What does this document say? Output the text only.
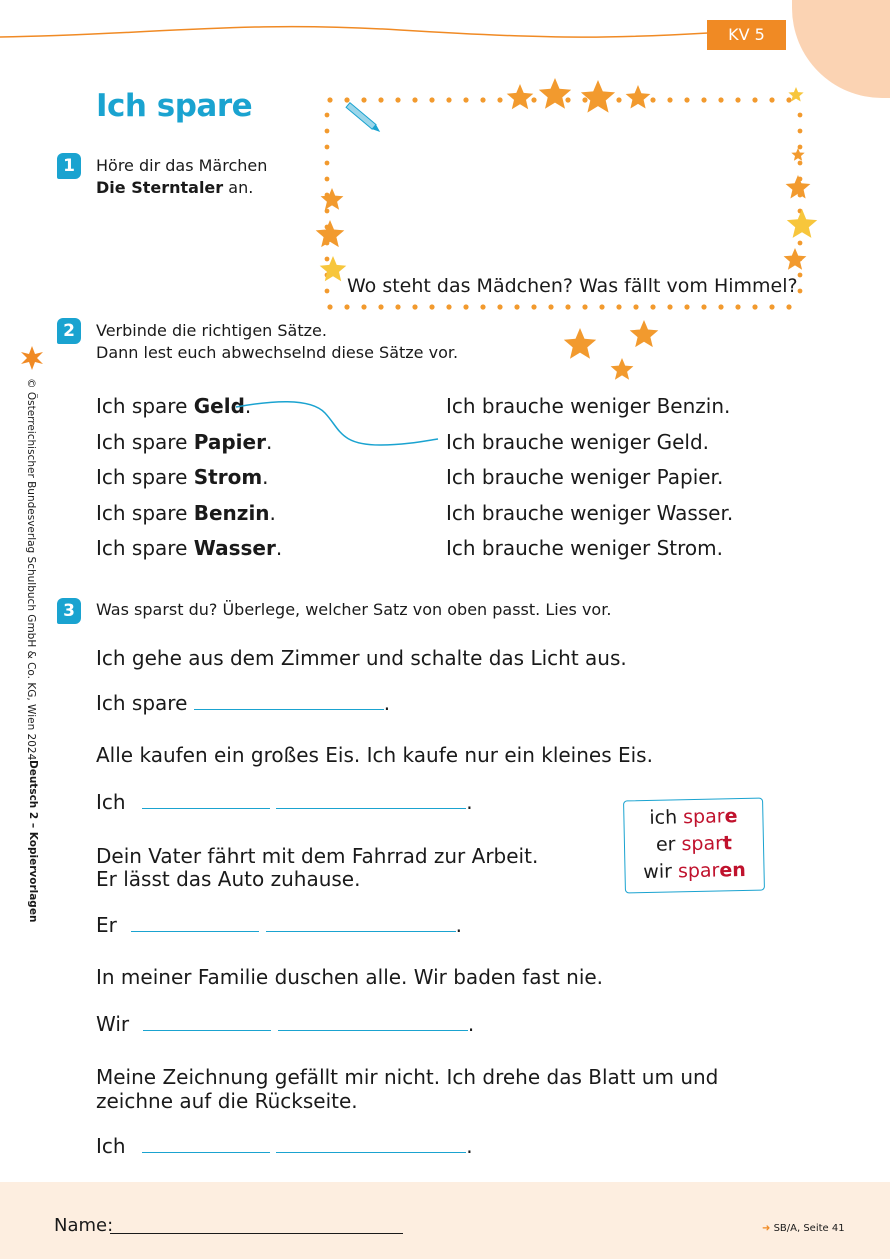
KV 5
Ich spare
1	Höre dir das Märchen
Die Sterntaler an.
Wo steht das Mädchen? Was fällt vom Himmel?
2	Verbinde die richtigen Sätze.
Dann lest euch abwechselnd diese Sätze vor.
Ich spare Geld.
Ich spare Papier.
Ich spare Strom.
Ich spare Benzin.
Ich spare Wasser.
Ich brauche weniger Benzin.
Ich brauche weniger Geld.
Ich brauche weniger Papier.
Ich brauche weniger Wasser.
Ich brauche weniger Strom.
3	Was sparst du? Überlege, welcher Satz von oben passt. Lies vor.
Ich gehe aus dem Zimmer und schalte das Licht aus.
Ich spare	.
Alle kaufen ein großes Eis. Ich kaufe nur ein kleines Eis.
Ich	.
Dein Vater fährt mit dem Fahrrad zur Arbeit.
Er lässt das Auto zuhause.
Er	.
In meiner Familie duschen alle. Wir baden fast nie.
Wir	.
Meine Zeichnung gefällt mir nicht. Ich drehe das Blatt um und
zeichne auf die Rückseite.
Ich	.
ich spare
er spart
wir sparen
© Österreichischer Bundesverlag Schulbuch GmbH & Co. KG, Wien 2024
Deutsch 2 – Kopiervorlagen
Name:	➜ SB/A, Seite 41
